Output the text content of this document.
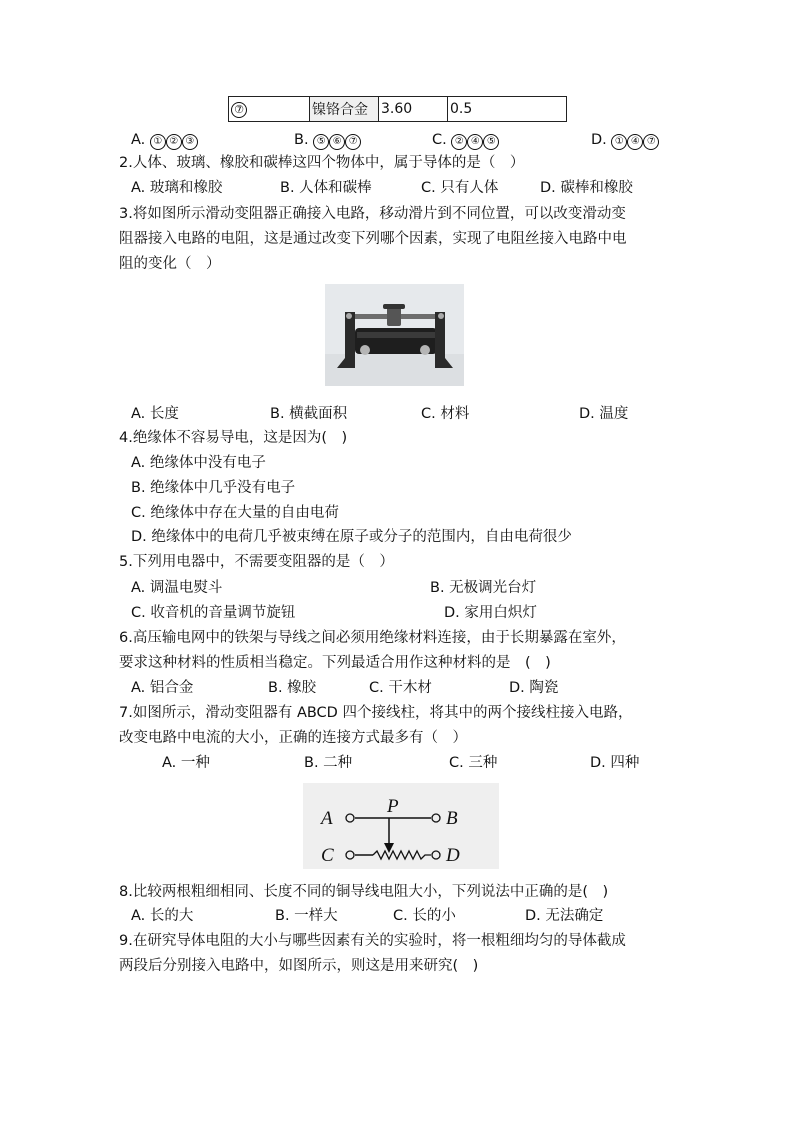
⑦	镍铬合金	3.60	0.5
A. ① ② ③	B. ⑤ ⑥ ⑦	C. ② ④ ⑤	D. ① ④ ⑦
2.人体、玻璃、橡胶和碳棒这四个物体中，属于导体的是（　）
A. 玻璃和橡胶	B. 人体和碳棒	C. 只有人体	D. 碳棒和橡胶
3.将如图所示滑动变阻器正确接入电路，移动滑片到不同位置，可以改变滑动变
阻器接入电路的电阻，这是通过改变下列哪个因素，实现了电阻丝接入电路中电
阻的变化（　）
A. 长度	B. 横截面积	C. 材料	D. 温度
4.绝缘体不容易导电，这是因为(　)
A. 绝缘体中没有电子
B. 绝缘体中几乎没有电子
C. 绝缘体中存在大量的自由电荷
D. 绝缘体中的电荷几乎被束缚在原子或分子的范围内，自由电荷很少
5.下列用电器中，不需要变阻器的是（　）
A. 调温电熨斗	B. 无极调光台灯
C. 收音机的音量调节旋钮	D. 家用白炽灯
6.高压输电网中的铁架与导线之间必须用绝缘材料连接，由于长期暴露在室外，
要求这种材料的性质相当稳定。下列最适合用作这种材料的是　(　)
A. 铝合金	B. 橡胶	C. 干木材	D. 陶瓷
7.如图所示，滑动变阻器有 ABCD 四个接线柱，将其中的两个接线柱接入电路，
改变电路中电流的大小，正确的连接方式最多有（　）
A. 一种	B. 二种	C. 三种	D. 四种
A	B
C	D
P
8.比较两根粗细相同、长度不同的铜导线电阻大小，下列说法中正确的是(　)
A. 长的大	B. 一样大	C. 长的小	D. 无法确定
9.在研究导体电阻的大小与哪些因素有关的实验时，将一根粗细均匀的导体截成
两段后分别接入电路中，如图所示，则这是用来研究(　)
